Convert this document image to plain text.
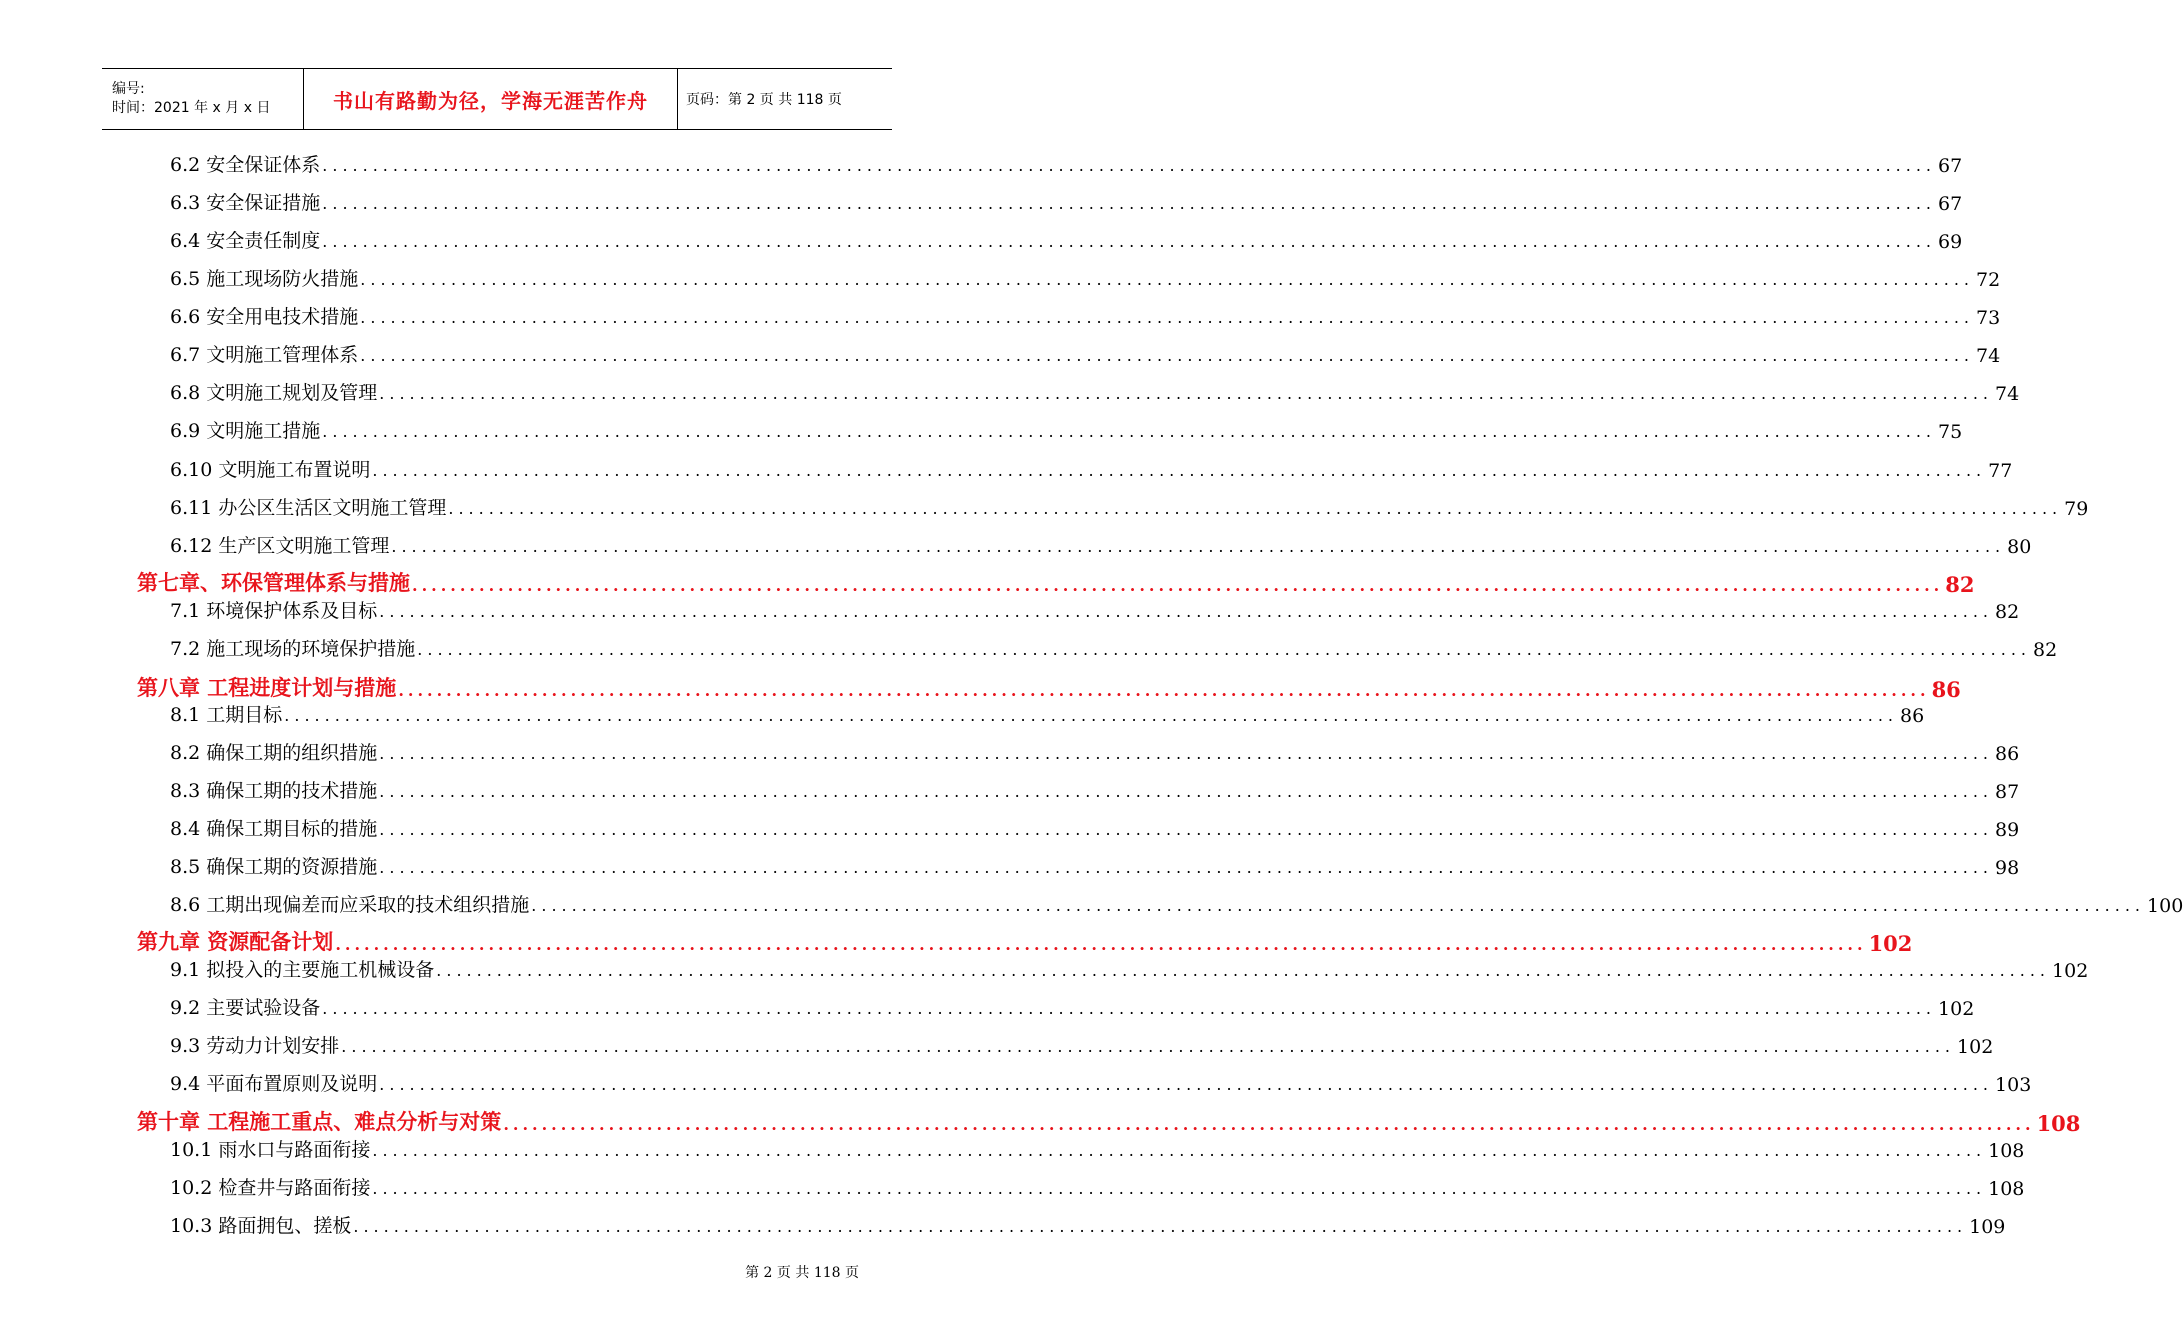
编号:
时间：2021 年 x 月 x 日	书山有路勤为径，学海无涯苦作舟	页码：第 2 页 共 118 页
6.2 安全保证体系 ................................................................................................................................................................ 67
6.3 安全保证措施 ................................................................................................................................................................ 67
6.4 安全责任制度 ................................................................................................................................................................ 69
6.5 施工现场防火措施 ................................................................................................................................................................ 72
6.6 安全用电技术措施 ................................................................................................................................................................ 73
6.7 文明施工管理体系 ................................................................................................................................................................ 74
6.8 文明施工规划及管理 ................................................................................................................................................................ 74
6.9 文明施工措施 ................................................................................................................................................................ 75
6.10 文明施工布置说明 ................................................................................................................................................................ 77
6.11 办公区生活区文明施工管理 ................................................................................................................................................................ 79
6.12 生产区文明施工管理 ................................................................................................................................................................ 80
第七章、环保管理体系与措施 ................................................................................................................................................................ 82
7.1 环境保护体系及目标 ................................................................................................................................................................ 82
7.2 施工现场的环境保护措施 ................................................................................................................................................................ 82
第八章 工程进度计划与措施 ................................................................................................................................................................ 86
8.1 工期目标 ................................................................................................................................................................ 86
8.2 确保工期的组织措施 ................................................................................................................................................................ 86
8.3 确保工期的技术措施 ................................................................................................................................................................ 87
8.4 确保工期目标的措施 ................................................................................................................................................................ 89
8.5 确保工期的资源措施 ................................................................................................................................................................ 98
8.6 工期出现偏差而应采取的技术组织措施 ................................................................................................................................................................ 100
第九章 资源配备计划 ................................................................................................................................................................ 102
9.1 拟投入的主要施工机械设备 ................................................................................................................................................................ 102
9.2 主要试验设备 ................................................................................................................................................................ 102
9.3 劳动力计划安排 ................................................................................................................................................................ 102
9.4 平面布置原则及说明 ................................................................................................................................................................ 103
第十章 工程施工重点、难点分析与对策 ................................................................................................................................................................ 108
10.1 雨水口与路面衔接 ................................................................................................................................................................ 108
10.2 检查井与路面衔接 ................................................................................................................................................................ 108
10.3 路面拥包、搓板 ................................................................................................................................................................ 109
第 2 页 共 118 页
